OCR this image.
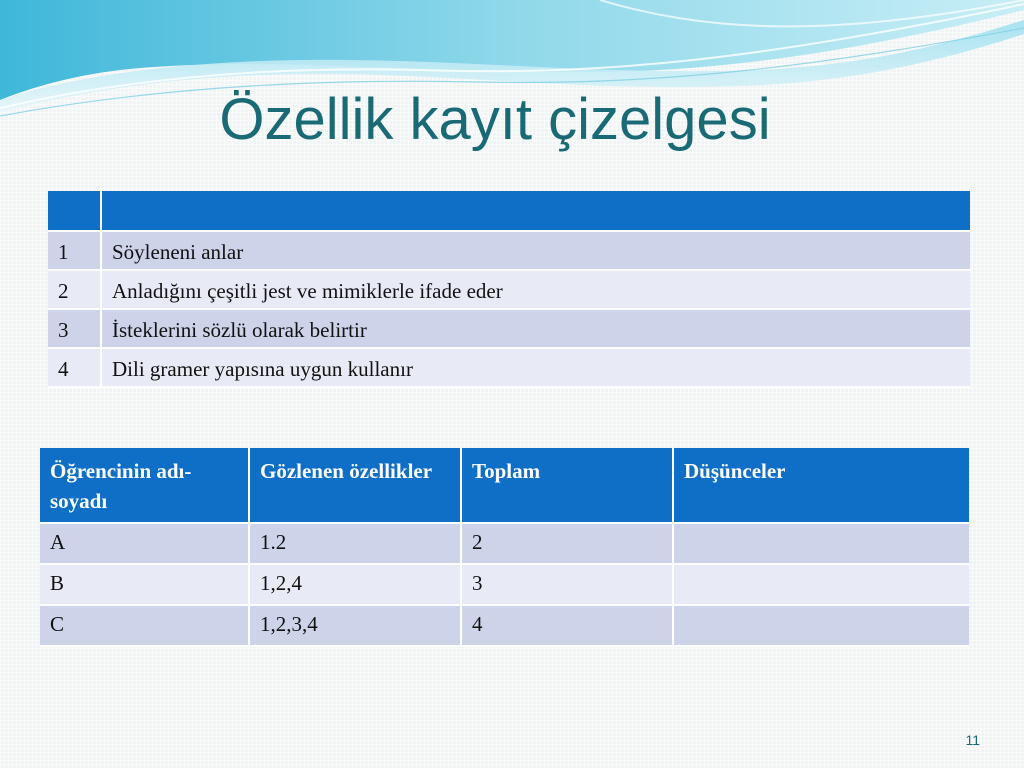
Özellik kayıt çizelgesi

1	Söyleneni anlar
2	Anladığını çeşitli jest ve mimiklerle ifade eder
3	İsteklerini sözlü olarak belirtir
4	Dili gramer yapısına uygun kullanır
Öğrencinin adı-soyadı	Gözlenen özellikler	Toplam	Düşünceler
A	1.2	2	
B	1,2,4	3	
C	1,2,3,4	4	
11
